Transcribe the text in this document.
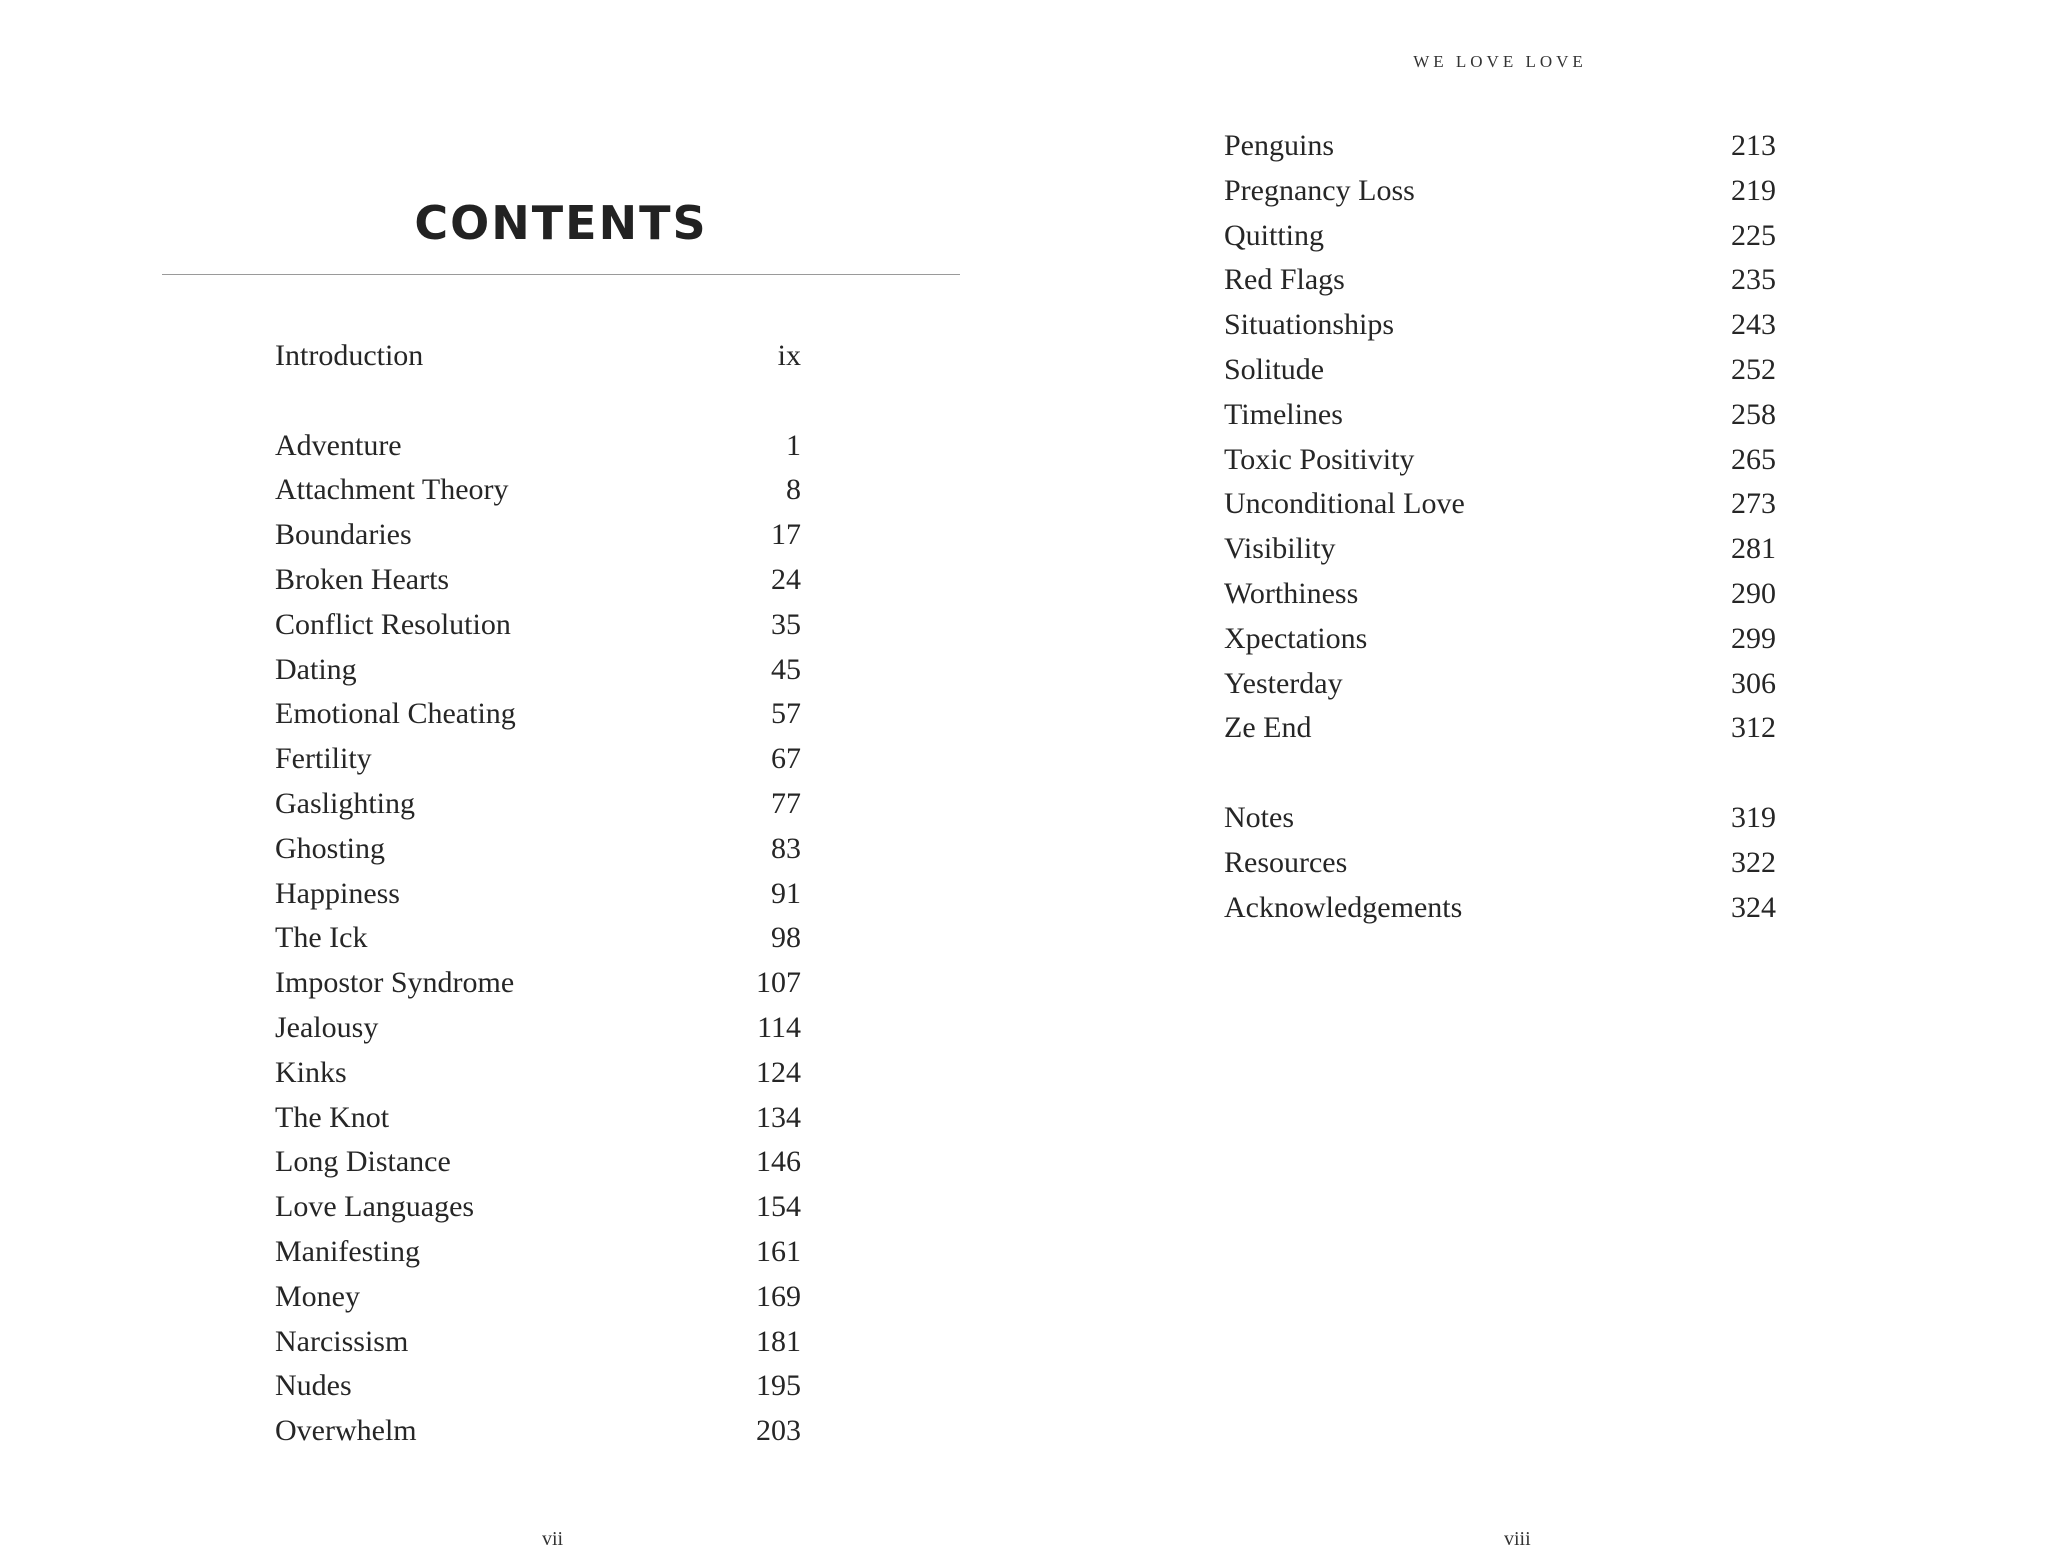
CONTENTS
Introduction	ix
Adventure	1
Attachment Theory	8
Boundaries	17
Broken Hearts	24
Conflict Resolution	35
Dating	45
Emotional Cheating	57
Fertility	67
Gaslighting	77
Ghosting	83
Happiness	91
The Ick	98
Impostor Syndrome	107
Jealousy	114
Kinks	124
The Knot	134
Long Distance	146
Love Languages	154
Manifesting	161
Money	169
Narcissism	181
Nudes	195
Overwhelm	203
vii
WE LOVE LOVE
Penguins	213
Pregnancy Loss	219
Quitting	225
Red Flags	235
Situationships	243
Solitude	252
Timelines	258
Toxic Positivity	265
Unconditional Love	273
Visibility	281
Worthiness	290
Xpectations	299
Yesterday	306
Ze End	312
Notes	319
Resources	322
Acknowledgements	324
viii
